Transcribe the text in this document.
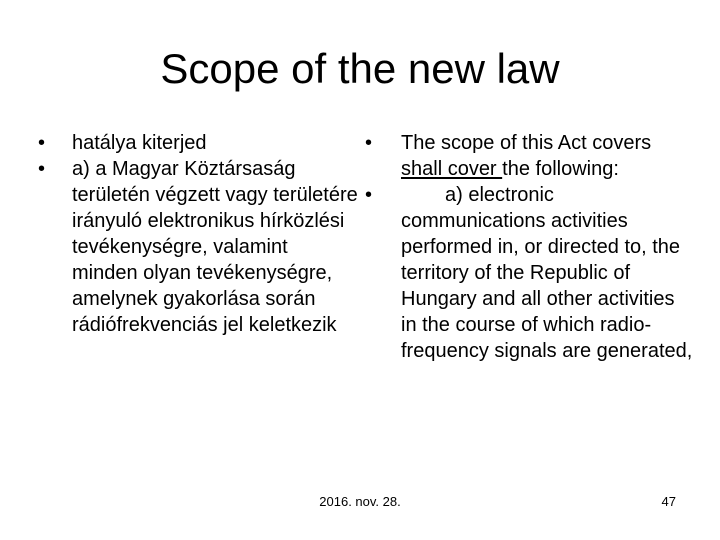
Scope of the new law
•	hatálya kiterjed
•	a) a Magyar Köztársaság területén végzett vagy területére irányuló elektronikus hírközlési tevékenységre, valamint minden olyan tevékenységre, amelynek gyakorlása során rádiófrekvenciás jel keletkezik
•	The scope of this Act covers shall cover the following:
•	a) electronic communications activities performed in, or directed to, the territory of the Republic of Hungary and all other activities in the course of which radio-frequency signals are generated,
2016. nov. 28.	47
